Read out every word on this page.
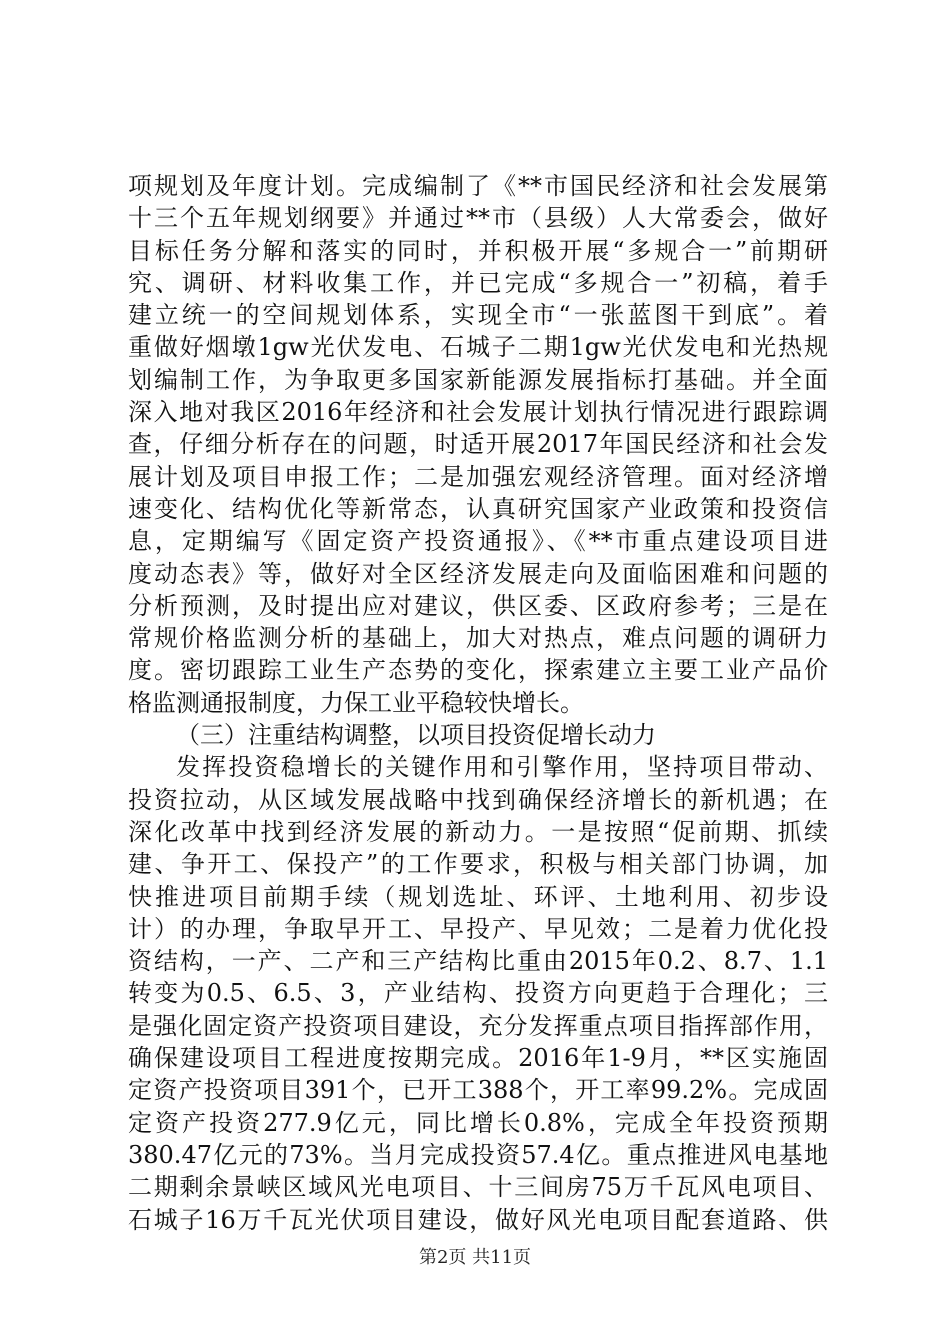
项规划及年度计划。完成编制了《**市国民经济和社会发展第
十三个五年规划纲要》并通过**市（县级）人大常委会，做好
目标任务分解和落实的同时，并积极开展“多规合一”前期研
究、调研、材料收集工作，并已完成“多规合一”初稿，着手
建立统一的空间规划体系，实现全市“一张蓝图干到底”。着
重做好烟墩1gw光伏发电、石城子二期1gw光伏发电和光热规
划编制工作，为争取更多国家新能源发展指标打基础。并全面
深入地对我区2016年经济和社会发展计划执行情况进行跟踪调
查，仔细分析存在的问题，时适开展2017年国民经济和社会发
展计划及项目申报工作；二是加强宏观经济管理。面对经济增
速变化、结构优化等新常态，认真研究国家产业政策和投资信
息，定期编写《固定资产投资通报》、《**市重点建设项目进
度动态表》等，做好对全区经济发展走向及面临困难和问题的
分析预测，及时提出应对建议，供区委、区政府参考；三是在
常规价格监测分析的基础上，加大对热点，难点问题的调研力
度。密切跟踪工业生产态势的变化，探索建立主要工业产品价
格监测通报制度，力保工业平稳较快增长。
（三）注重结构调整，以项目投资促增长动力
发挥投资稳增长的关键作用和引擎作用，坚持项目带动、
投资拉动，从区域发展战略中找到确保经济增长的新机遇；在
深化改革中找到经济发展的新动力。一是按照“促前期、抓续
建、争开工、保投产”的工作要求，积极与相关部门协调，加
快推进项目前期手续（规划选址、环评、土地利用、初步设
计）的办理，争取早开工、早投产、早见效；二是着力优化投
资结构，一产、二产和三产结构比重由2015年0.2、8.7、1.1
转变为0.5、6.5、3，产业结构、投资方向更趋于合理化；三
是强化固定资产投资项目建设，充分发挥重点项目指挥部作用，
确保建设项目工程进度按期完成。2016年1-9月，**区实施固
定资产投资项目391个，已开工388个，开工率99.2%。完成固
定资产投资277.9亿元，同比增长0.8%，完成全年投资预期
380.47亿元的73%。当月完成投资57.4亿。重点推进风电基地
二期剩余景峡区域风光电项目、十三间房75万千瓦风电项目、
石城子16万千瓦光伏项目建设，做好风光电项目配套道路、供
第2页 共11页
